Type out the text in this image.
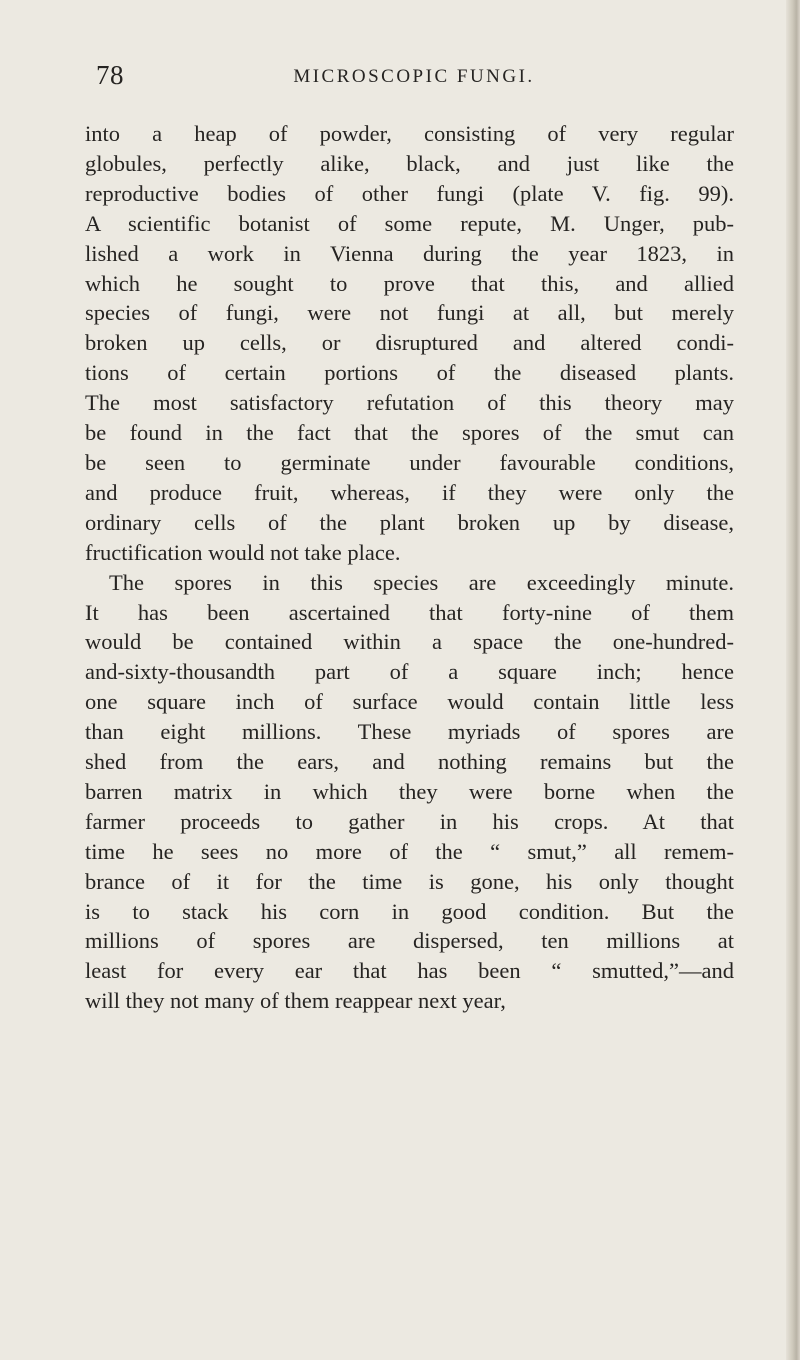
78	MICROSCOPIC FUNGI.
into a heap of powder, consisting of very regular
globules, perfectly alike, black, and just like the
reproductive bodies of other fungi (plate V. fig. 99).
A scientific botanist of some repute, M. Unger, pub-
lished a work in Vienna during the year 1823, in
which he sought to prove that this, and allied
species of fungi, were not fungi at all, but merely
broken up cells, or disruptured and altered condi-
tions of certain portions of the diseased plants.
The most satisfactory refutation of this theory may
be found in the fact that the spores of the smut can
be seen to germinate under favourable conditions,
and produce fruit, whereas, if they were only the
ordinary cells of the plant broken up by disease,
fructification would not take place.
The spores in this species are exceedingly minute.
It has been ascertained that forty-nine of them
would be contained within a space the one-hundred-
and-sixty-thousandth part of a square inch; hence
one square inch of surface would contain little less
than eight millions. These myriads of spores are
shed from the ears, and nothing remains but the
barren matrix in which they were borne when the
farmer proceeds to gather in his crops. At that
time he sees no more of the “ smut,” all remem-
brance of it for the time is gone, his only thought
is to stack his corn in good condition. But the
millions of spores are dispersed, ten millions at
least for every ear that has been “ smutted,”—and
will they not many of them reappear next year,
